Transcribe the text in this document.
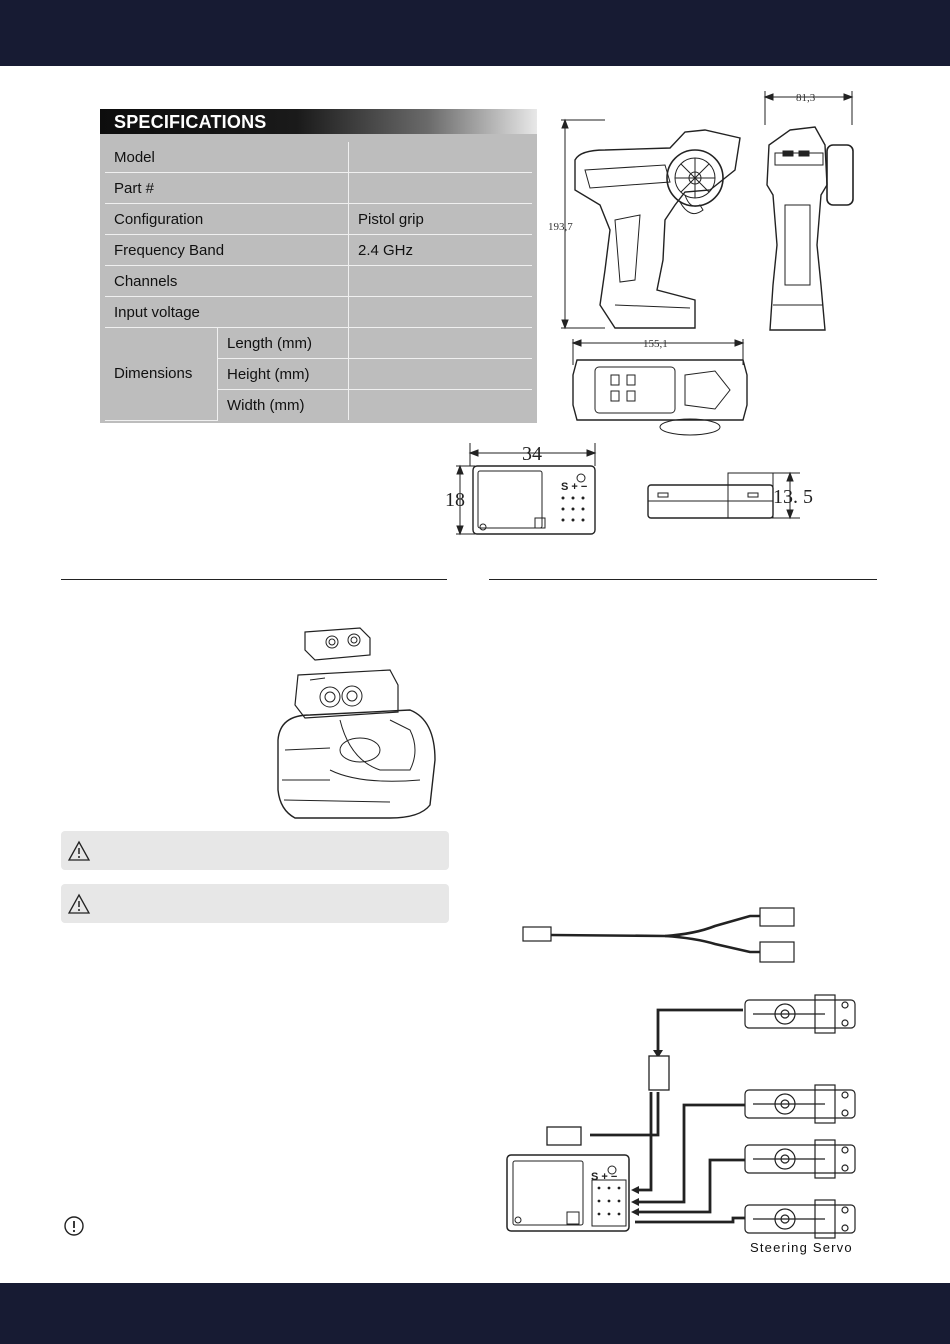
SPECIFICATIONS
Model		
Part #		
Configuration		Pistol grip
Frequency Band		2.4 GHz
Channels		
Input voltage		
Dimensions	Length (mm)	
	Height (mm)	
	Width (mm)	
193,7
81,3
155,1
S + −
34
18	13. 5
S + −
Steering Servo
